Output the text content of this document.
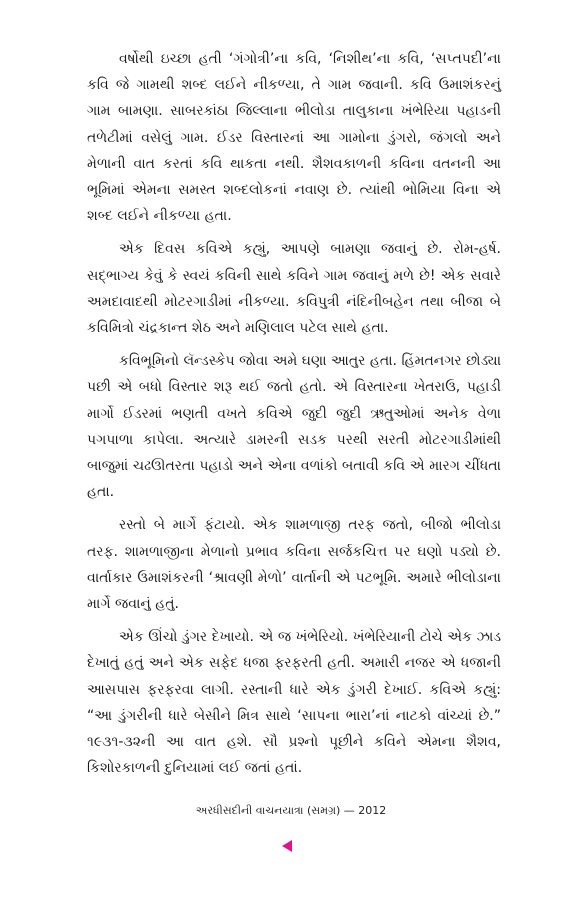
વર્ષોથી ઇચ્છા હતી ‘ગંગોત્રી’ના કવિ, ‘નિશીથ’ના કવિ, ‘સપ્તપદી’ના કવિ જે ગામથી શબ્દ લઈને નીકળ્યા, તે ગામ જવાની. કવિ ઉમાશંકરનું ગામ બામણા. સાબરકાંઠા જિલ્લાના ભીલોડા તાલુકાના ખંભેરિયા પહાડની તળેટીમાં વસેલું ગામ. ઈડર વિસ્તારનાં આ ગામોના ડુંગરો, જંગલો અને મેળાની વાત કરતાં કવિ થાકતા નથી. શૈશવકાળની કવિના વતનની આ ભૂમિમાં એમના સમસ્ત શબ્દલોકનાં નવાણ છે. ત્યાંથી ભોમિયા વિના એ શબ્દ લઈને નીકળ્યા હતા.

એક દિવસ કવિએ કહ્યું, આપણે બામણા જવાનું છે. રોમ-હર્ષ. સદ્ભાગ્ય કેવું કે સ્વયં કવિની સાથે કવિને ગામ જવાનું મળે છે! એક સવારે અમદાવાદથી મોટરગાડીમાં નીકળ્યા. કવિપુત્રી નંદિનીબહેન તથા બીજા બે કવિમિત્રો ચંદ્રકાન્ત શેઠ અને મણિલાલ પટેલ સાથે હતા.

કવિભૂમિનો લૅન્ડસ્કેપ જોવા અમે ઘણા આતુર હતા. હિંમતનગર છોડ્યા પછી એ બધો વિસ્તાર શરૂ થઈ જતો હતો. એ વિસ્તારના ખેતરાઉ, પહાડી માર્ગો ઈડરમાં ભણતી વખતે કવિએ જુદી જુદી ઋતુઓમાં અનેક વેળા પગપાળા કાપેલા. અત્યારે ડામરની સડક પરથી સરતી મોટરગાડીમાંથી બાજુમાં ચઢઊતરતા પહાડો અને એના વળાંકો બતાવી કવિ એ મારગ ચીંધતા હતા.

રસ્તો બે માર્ગે ફંટાયો. એક શામળાજી તરફ જતો, બીજો ભીલોડા તરફ. શામળાજીના મેળાનો પ્રભાવ કવિના સર્જકચિત્ત પર ઘણો પડ્યો છે. વાર્તાકાર ઉમાશંકરની ‘શ્રાવણી મેળો’ વાર્તાની એ પટભૂમિ. અમારે ભીલોડાના માર્ગે જવાનું હતું.

એક ઊંચો ડુંગર દેખાયો. એ જ ખંભેરિયો. ખંભેરિયાની ટોચે એક ઝાડ દેખાતું હતું અને એક સફેદ ધજા ફરફરતી હતી. અમારી નજર એ ધજાની આસપાસ ફરફરવા લાગી. રસ્તાની ધારે એક ડુંગરી દેખાઈ. કવિએ કહ્યું: “આ ડુંગરીની ધારે બેસીને મિત્ર સાથે ‘સાપના ભારા’નાં નાટકો વાંચ્યાં છે.” ૧૯૩૧-૩૨ની આ વાત હશે. સૌ પ્રશ્નો પૂછીને કવિને એમના શૈશવ, કિશોરકાળની દુનિયામાં લઈ જતાં હતાં.

અરધીસદીની વાચનયાત્રા (સમગ્ર) — 2012
